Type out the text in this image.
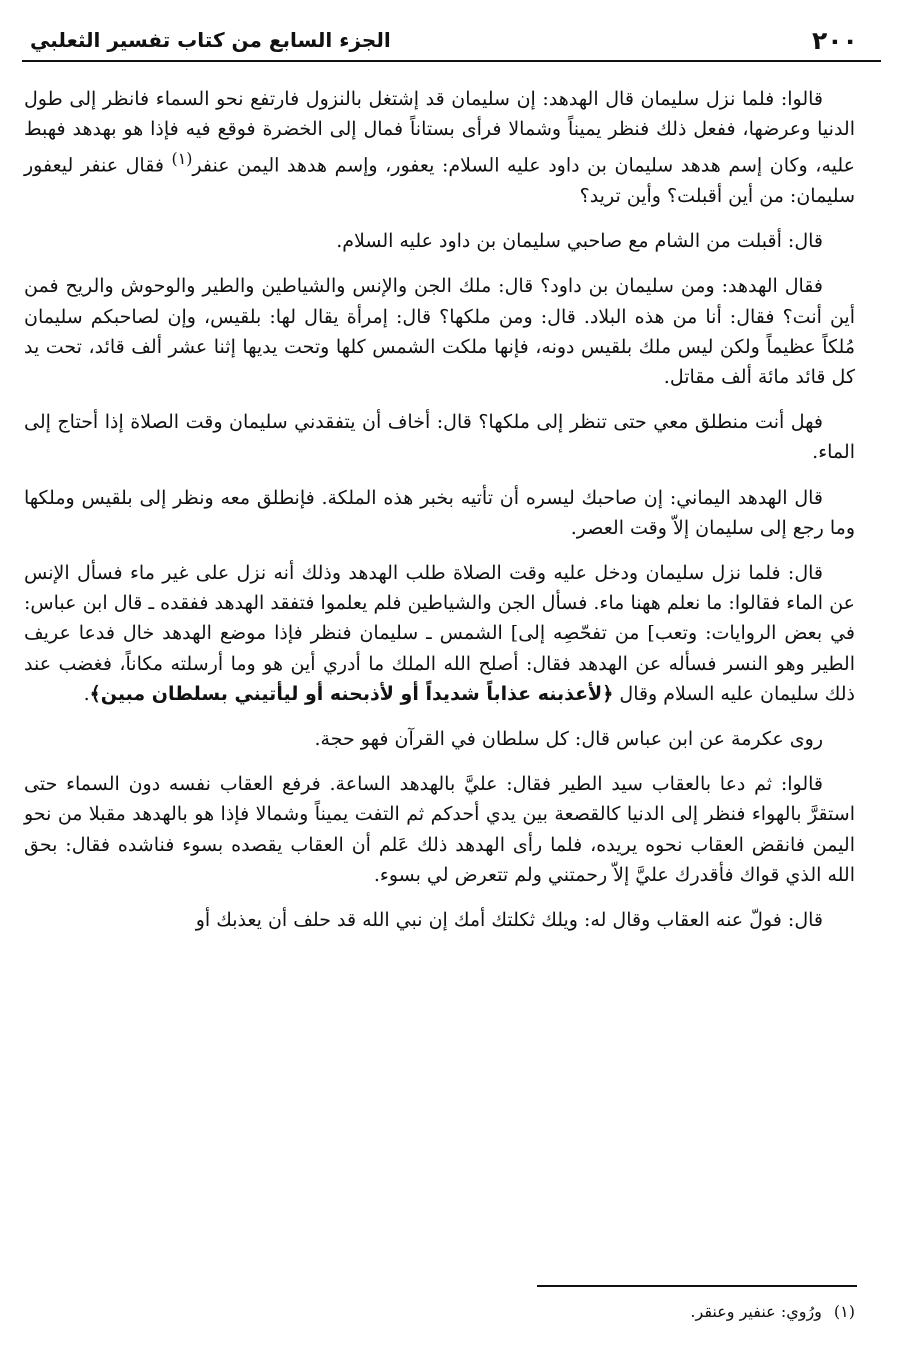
٢٠٠
الجزء السابع من كتاب تفسير الثعلبي

قالوا: فلما نزل سليمان قال الهدهد: إن سليمان قد إشتغل بالنزول فارتفع نحو السماء فانظر إلى طول الدنيا وعرضها، ففعل ذلك فنظر يميناً وشمالا فرأى بستاناً فمال إلى الخضرة فوقع فيه فإذا هو بهدهد فهبط عليه، وكان إسم هدهد سليمان بن داود عليه السلام: يعفور، وإسم هدهد اليمن عنفر$^{(١)}$ فقال عنفر ليعفور سليمان: من أين أقبلت؟ وأين تريد؟

قال: أقبلت من الشام مع صاحبي سليمان بن داود عليه السلام.

فقال الهدهد: ومن سليمان بن داود؟ قال: ملك الجن والإنس والشياطين والطير والوحوش والريح فمن أين أنت؟ فقال: أنا من هذه البلاد. قال: ومن ملكها؟ قال: إمرأة يقال لها: بلقيس، وإن لصاحبكم سليمان مُلكاً عظيماً ولكن ليس ملك بلقيس دونه، فإنها ملكت الشمس كلها وتحت يديها إثنا عشر ألف قائد، تحت يد كل قائد مائة ألف مقاتل.

فهل أنت منطلق معي حتى تنظر إلى ملكها؟ قال: أخاف أن يتفقدني سليمان وقت الصلاة إذا أحتاج إلى الماء.

قال الهدهد اليماني: إن صاحبك ليسره أن تأتيه بخبر هذه الملكة. فإنطلق معه ونظر إلى بلقيس وملكها وما رجع إلى سليمان إلاّ وقت العصر.

قال: فلما نزل سليمان ودخل عليه وقت الصلاة طلب الهدهد وذلك أنه نزل على غير ماء فسأل الإنس عن الماء فقالوا: ما نعلم ههنا ماء. فسأل الجن والشياطين فلم يعلموا فتفقد الهدهد ففقده ـ قال ابن عباس: في بعض الروايات: وتعب] من تفحّصِه إلى] الشمس ـ سليمان فنظر فإذا موضع الهدهد خال فدعا عريف الطير وهو النسر فسأله عن الهدهد فقال: أصلح الله الملك ما أدري أين هو وما أرسلته مكاناً، فغضب عند ذلك سليمان عليه السلام وقال ﴿لأعذبنه عذاباً شديداً أو لأذبحنه أو ليأتيني بسلطان مبين﴾.

روى عكرمة عن ابن عباس قال: كل سلطان في القرآن فهو حجة.

قالوا: ثم دعا بالعقاب سيد الطير فقال: عليَّ بالهدهد الساعة. فرفع العقاب نفسه دون السماء حتى استقرَّ بالهواء فنظر إلى الدنيا كالقصعة بين يدي أحدكم ثم التفت يميناً وشمالا فإذا هو بالهدهد مقبلا من نحو اليمن فانقض العقاب نحوه يريده، فلما رأى الهدهد ذلك عَلم أن العقاب يقصده بسوء فناشده فقال: بحق الله الذي قواك فأقدرك عليَّ إلاّ رحمتني ولم تتعرض لي بسوء.

قال: فولّ عنه العقاب وقال له: ويلك ثكلتك أمك إن نبي الله قد حلف أن يعذبك أو

(١)ورُوي: عنفير وعنقر.
